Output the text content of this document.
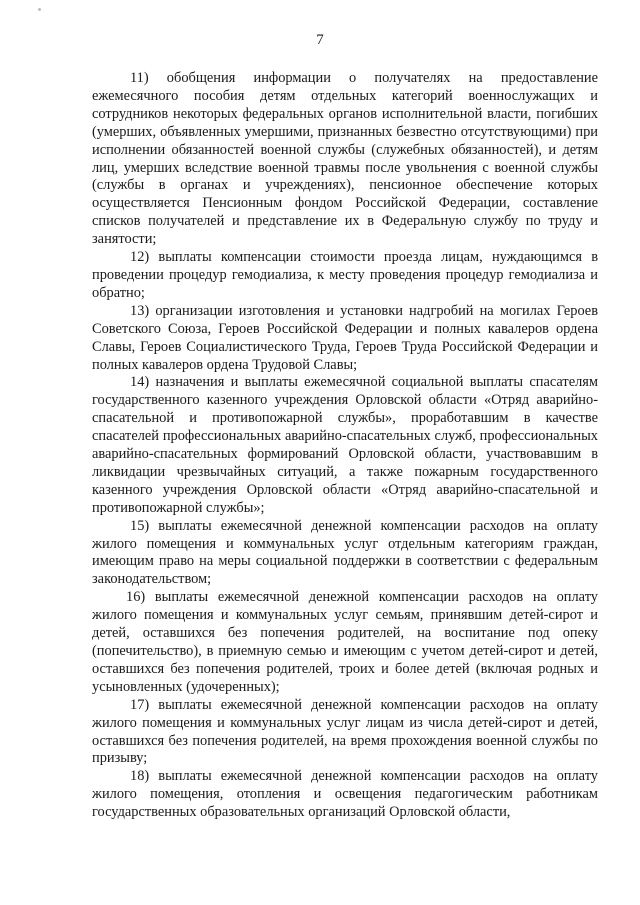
7

11) обобщения информации о получателях на предоставление ежемесячного пособия детям отдельных категорий военнослужащих и сотрудников некоторых федеральных органов исполнительной власти, погибших (умерших, объявленных умершими, признанных безвестно отсутствующими) при исполнении обязанностей военной службы (служебных обязанностей), и детям лиц, умерших вследствие военной травмы после увольнения с военной службы (службы в органах и учреждениях), пенсионное обеспечение которых осуществляется Пенсионным фондом Российской Федерации, составление списков получателей и представление их в Федеральную службу по труду и занятости;

12) выплаты компенсации стоимости проезда лицам, нуждающимся в проведении процедур гемодиализа, к месту проведения процедур гемодиализа и обратно;

13) организации изготовления и установки надгробий на могилах Героев Советского Союза, Героев Российской Федерации и полных кавалеров ордена Славы, Героев Социалистического Труда, Героев Труда Российской Федерации и полных кавалеров ордена Трудовой Славы;

14) назначения и выплаты ежемесячной социальной выплаты спасателям государственного казенного учреждения Орловской области «Отряд аварийно-спасательной и противопожарной службы», проработавшим в качестве спасателей профессиональных аварийно-спасательных служб, профессиональных аварийно-спасательных формирований Орловской области, участвовавшим в ликвидации чрезвычайных ситуаций, а также пожарным государственного казенного учреждения Орловской области «Отряд аварийно-спасательной и противопожарной службы»;

15) выплаты ежемесячной денежной компенсации расходов на оплату жилого помещения и коммунальных услуг отдельным категориям граждан, имеющим право на меры социальной поддержки в соответствии с федеральным законодательством;

16) выплаты ежемесячной денежной компенсации расходов на оплату жилого помещения и коммунальных услуг семьям, принявшим детей-сирот и детей, оставшихся без попечения родителей, на воспитание под опеку (попечительство), в приемную семью и имеющим с учетом детей-сирот и детей, оставшихся без попечения родителей, троих и более детей (включая родных и усыновленных (удочеренных);

17) выплаты ежемесячной денежной компенсации расходов на оплату жилого помещения и коммунальных услуг лицам из числа детей-сирот и детей, оставшихся без попечения родителей, на время прохождения военной службы по призыву;

18) выплаты ежемесячной денежной компенсации расходов на оплату жилого помещения, отопления и освещения педагогическим работникам государственных образовательных организаций Орловской области,
